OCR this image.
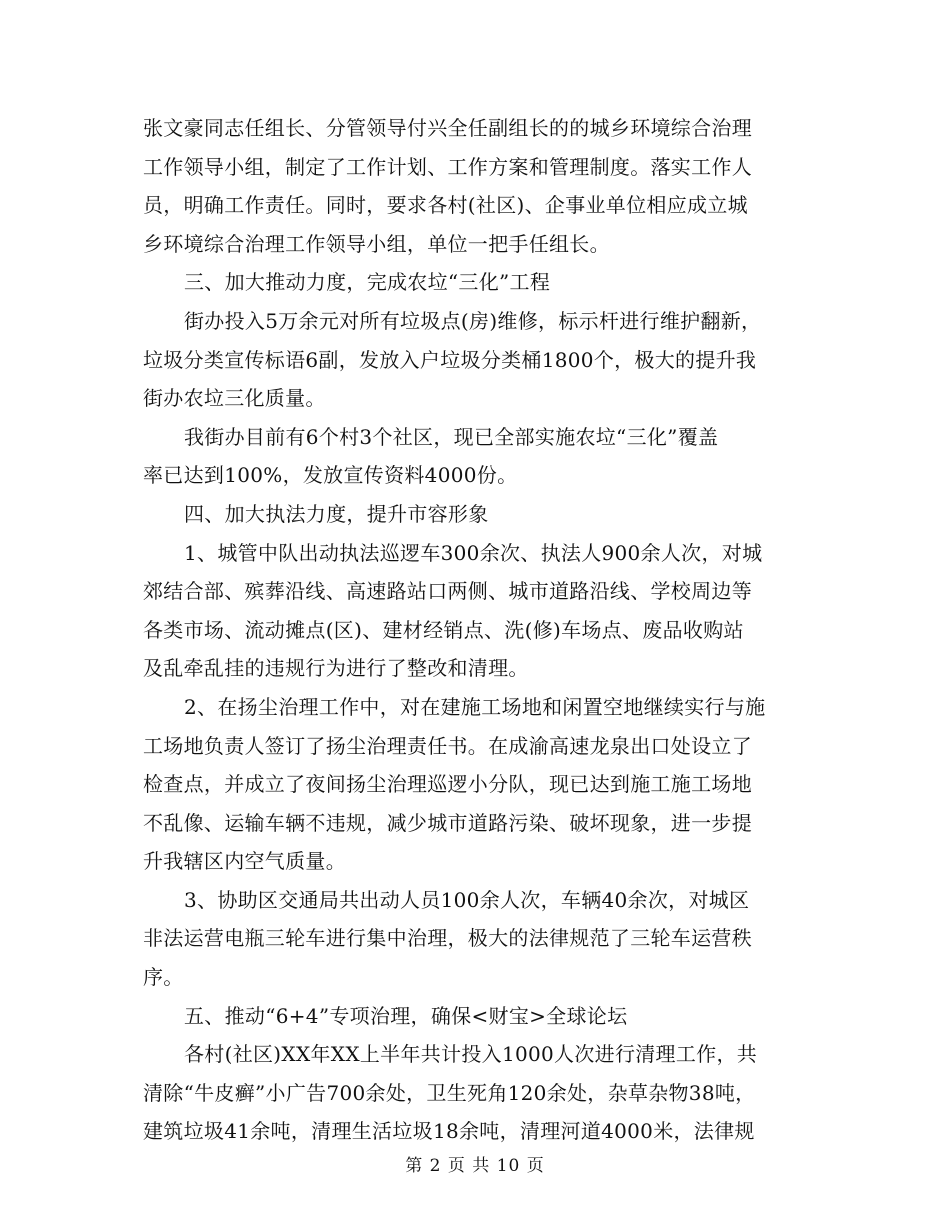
张文豪同志任组长、分管领导付兴全任副组长的的城乡环境综合治理
工作领导小组，制定了工作计划、工作方案和管理制度。落实工作人
员，明确工作责任。同时，要求各村(社区)、企事业单位相应成立城
乡环境综合治理工作领导小组，单位一把手任组长。
三、加大推动力度，完成农垃“三化”工程
街办投入5万余元对所有垃圾点(房)维修，标示杆进行维护翻新，
垃圾分类宣传标语6副，发放入户垃圾分类桶1800个，极大的提升我
街办农垃三化质量。
我街办目前有6个村3个社区，现已全部实施农垃“三化”覆盖
率已达到100%，发放宣传资料4000份。
四、加大执法力度，提升市容形象
1、城管中队出动执法巡逻车300余次、执法人900余人次，对城
郊结合部、殡葬沿线、高速路站口两侧、城市道路沿线、学校周边等
各类市场、流动摊点(区)、建材经销点、洗(修)车场点、废品收购站
及乱牵乱挂的违规行为进行了整改和清理。
2、在扬尘治理工作中，对在建施工场地和闲置空地继续实行与施
工场地负责人签订了扬尘治理责任书。在成渝高速龙泉出口处设立了
检查点，并成立了夜间扬尘治理巡逻小分队，现已达到施工施工场地
不乱像、运输车辆不违规，减少城市道路污染、破坏现象，进一步提
升我辖区内空气质量。
3、协助区交通局共出动人员100余人次，车辆40余次，对城区
非法运营电瓶三轮车进行集中治理，极大的法律规范了三轮车运营秩
序。
五、推动“6+4”专项治理，确保<财宝>全球论坛
各村(社区)XX年XX上半年共计投入1000人次进行清理工作，共
清除“牛皮癣”小广告700余处，卫生死角120余处，杂草杂物38吨，
建筑垃圾41余吨，清理生活垃圾18余吨，清理河道4000米，法律规
第 2 页 共 10 页
